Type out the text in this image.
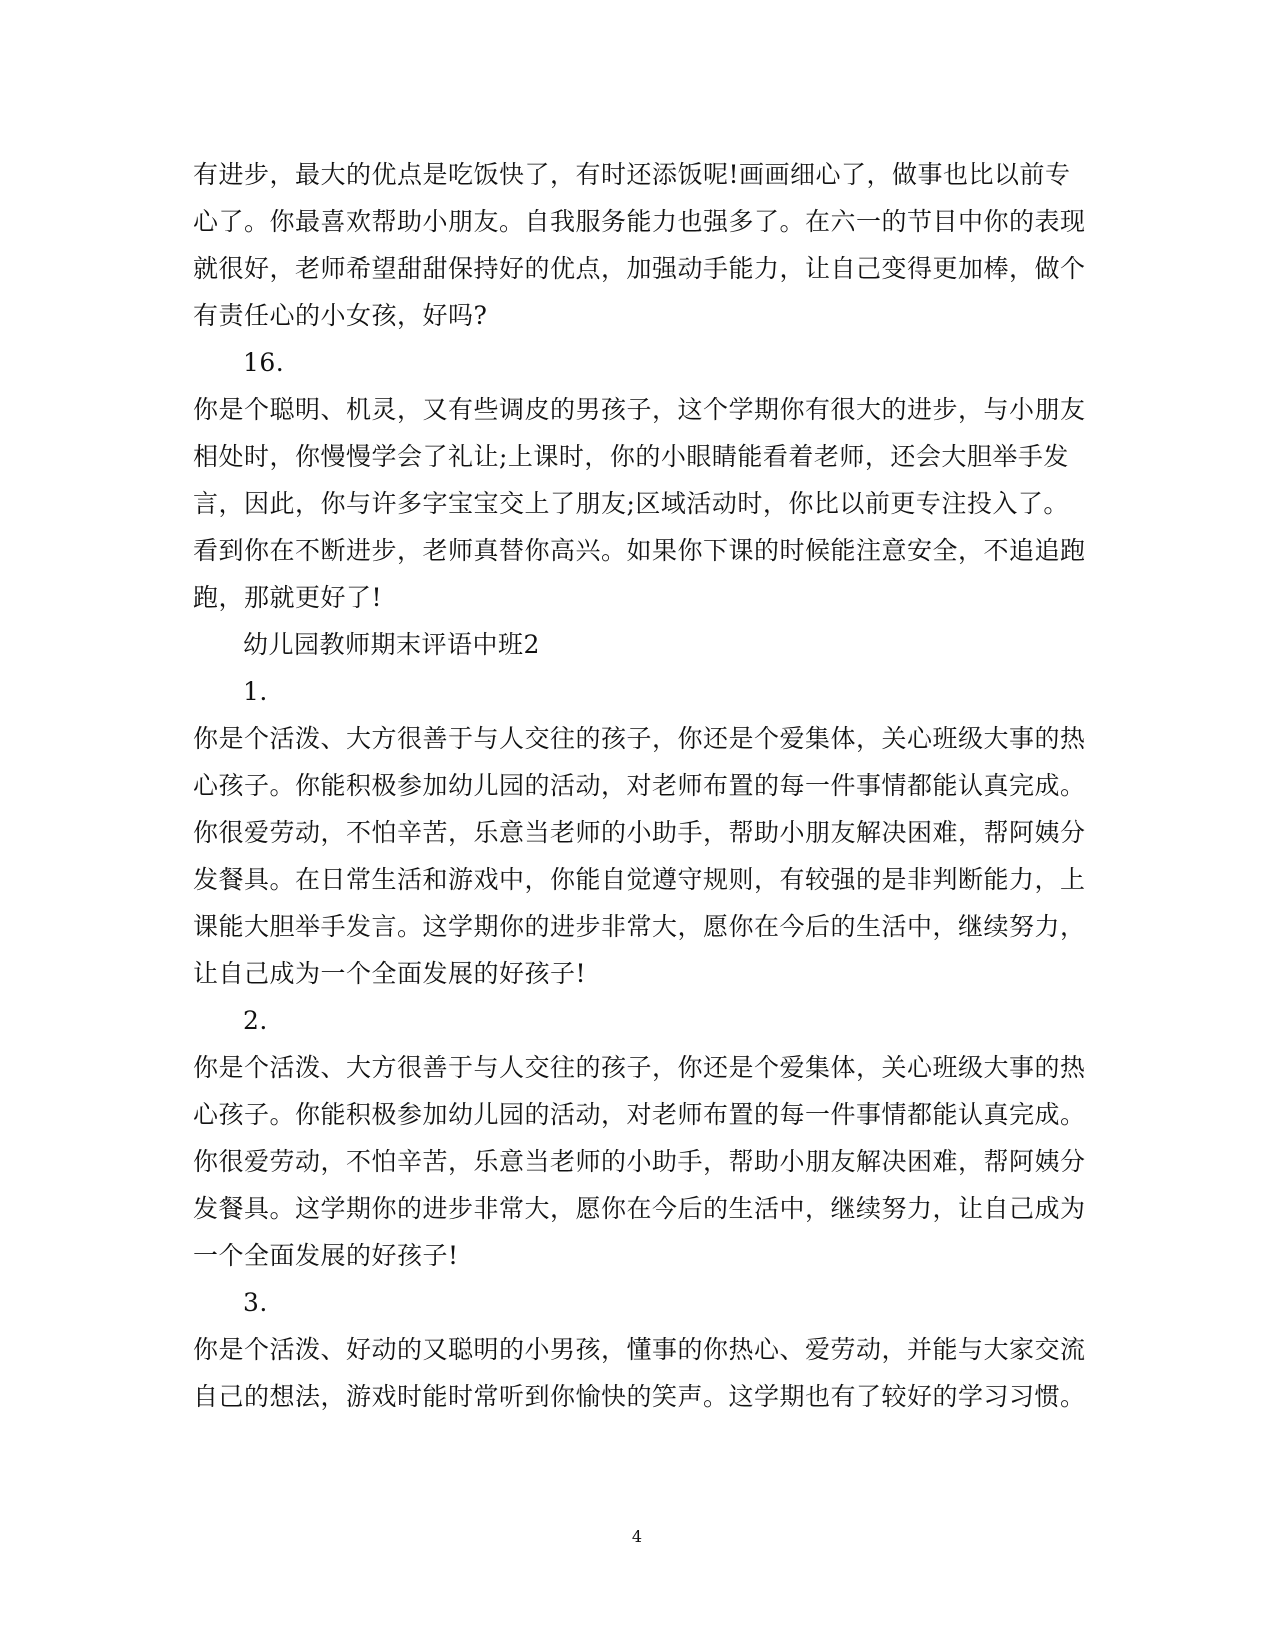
有进步，最大的优点是吃饭快了，有时还添饭呢!画画细心了，做事也比以前专
心了。你最喜欢帮助小朋友。自我服务能力也强多了。在六一的节目中你的表现
就很好，老师希望甜甜保持好的优点，加强动手能力，让自己变得更加棒，做个
有责任心的小女孩，好吗?
16.
你是个聪明、机灵，又有些调皮的男孩子，这个学期你有很大的进步，与小朋友
相处时，你慢慢学会了礼让;上课时，你的小眼睛能看着老师，还会大胆举手发
言，因此，你与许多字宝宝交上了朋友;区域活动时，你比以前更专注投入了。
看到你在不断进步，老师真替你高兴。如果你下课的时候能注意安全，不追追跑
跑，那就更好了!
幼儿园教师期末评语中班2
1.
你是个活泼、大方很善于与人交往的孩子，你还是个爱集体，关心班级大事的热
心孩子。你能积极参加幼儿园的活动，对老师布置的每一件事情都能认真完成。
你很爱劳动，不怕辛苦，乐意当老师的小助手，帮助小朋友解决困难，帮阿姨分
发餐具。在日常生活和游戏中，你能自觉遵守规则，有较强的是非判断能力，上
课能大胆举手发言。这学期你的进步非常大，愿你在今后的生活中，继续努力，
让自己成为一个全面发展的好孩子!
2.
你是个活泼、大方很善于与人交往的孩子，你还是个爱集体，关心班级大事的热
心孩子。你能积极参加幼儿园的活动，对老师布置的每一件事情都能认真完成。
你很爱劳动，不怕辛苦，乐意当老师的小助手，帮助小朋友解决困难，帮阿姨分
发餐具。这学期你的进步非常大，愿你在今后的生活中，继续努力，让自己成为
一个全面发展的好孩子!
3.
你是个活泼、好动的又聪明的小男孩，懂事的你热心、爱劳动，并能与大家交流
自己的想法，游戏时能时常听到你愉快的笑声。这学期也有了较好的学习习惯。
4
